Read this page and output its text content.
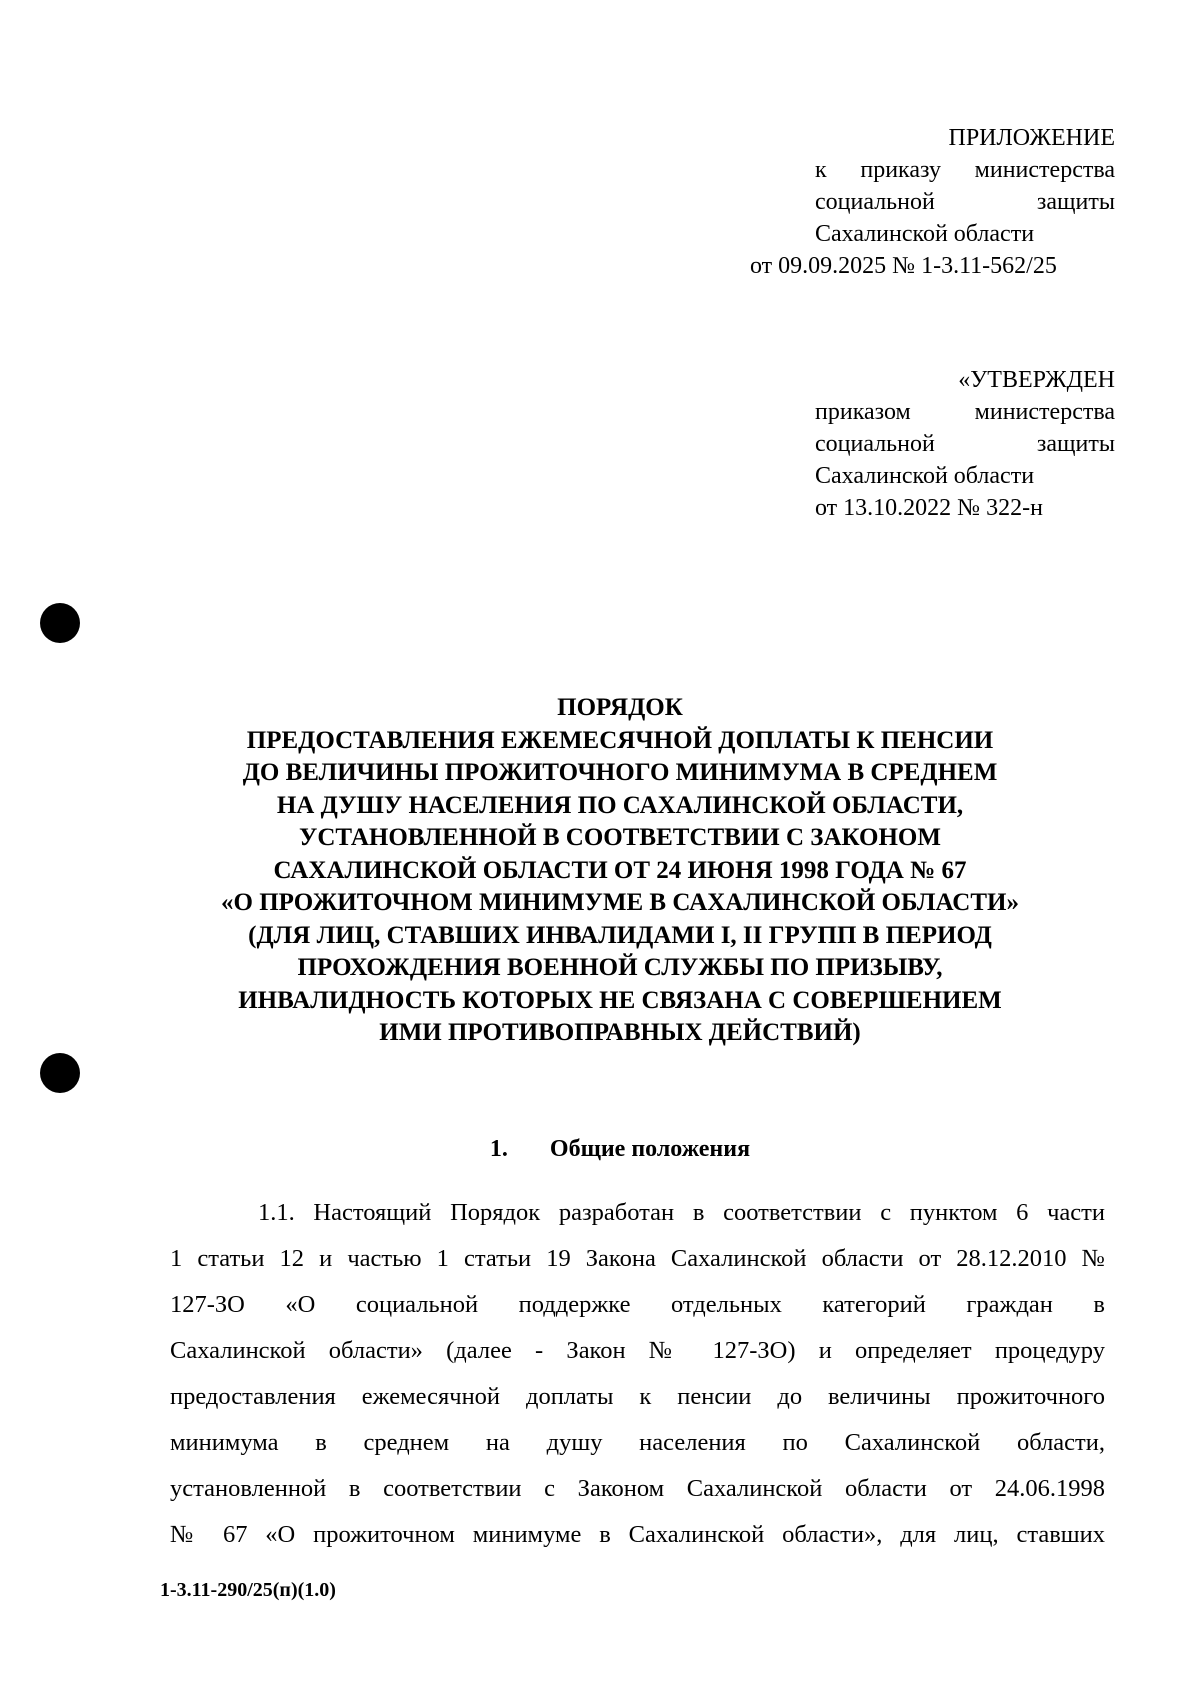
ПРИЛОЖЕНИЕ
к приказу министерства
социальной защиты
Сахалинской области
от 09.09.2025 № 1-3.11-562/25
«УТВЕРЖДЕН
приказом министерства
социальной защиты
Сахалинской области
от 13.10.2022 № 322-н
ПОРЯДОК
ПРЕДОСТАВЛЕНИЯ ЕЖЕМЕСЯЧНОЙ ДОПЛАТЫ К ПЕНСИИ
ДО ВЕЛИЧИНЫ ПРОЖИТОЧНОГО МИНИМУМА В СРЕДНЕМ
НА ДУШУ НАСЕЛЕНИЯ ПО САХАЛИНСКОЙ ОБЛАСТИ,
УСТАНОВЛЕННОЙ В СООТВЕТСТВИИ С ЗАКОНОМ
САХАЛИНСКОЙ ОБЛАСТИ ОТ 24 ИЮНЯ 1998 ГОДА № 67
«О ПРОЖИТОЧНОМ МИНИМУМЕ В САХАЛИНСКОЙ ОБЛАСТИ»
(ДЛЯ ЛИЦ, СТАВШИХ ИНВАЛИДАМИ I, II ГРУПП В ПЕРИОД
ПРОХОЖДЕНИЯ ВОЕННОЙ СЛУЖБЫ ПО ПРИЗЫВУ,
ИНВАЛИДНОСТЬ КОТОРЫХ НЕ СВЯЗАНА С СОВЕРШЕНИЕМ
ИМИ ПРОТИВОПРАВНЫХ ДЕЙСТВИЙ)
1. Общие положения
1.1. Настоящий Порядок разработан в соответствии с пунктом 6 части
1 статьи 12 и частью 1 статьи 19 Закона Сахалинской области от 28.12.2010 №
127-ЗО «О социальной поддержке отдельных категорий граждан в
Сахалинской области» (далее - Закон № 127-ЗО) и определяет процедуру
предоставления ежемесячной доплаты к пенсии до величины прожиточного
минимума в среднем на душу населения по Сахалинской области,
установленной в соответствии с Законом Сахалинской области от 24.06.1998
№ 67 «О прожиточном минимуме в Сахалинской области», для лиц, ставших
1-3.11-290/25(п)(1.0)
